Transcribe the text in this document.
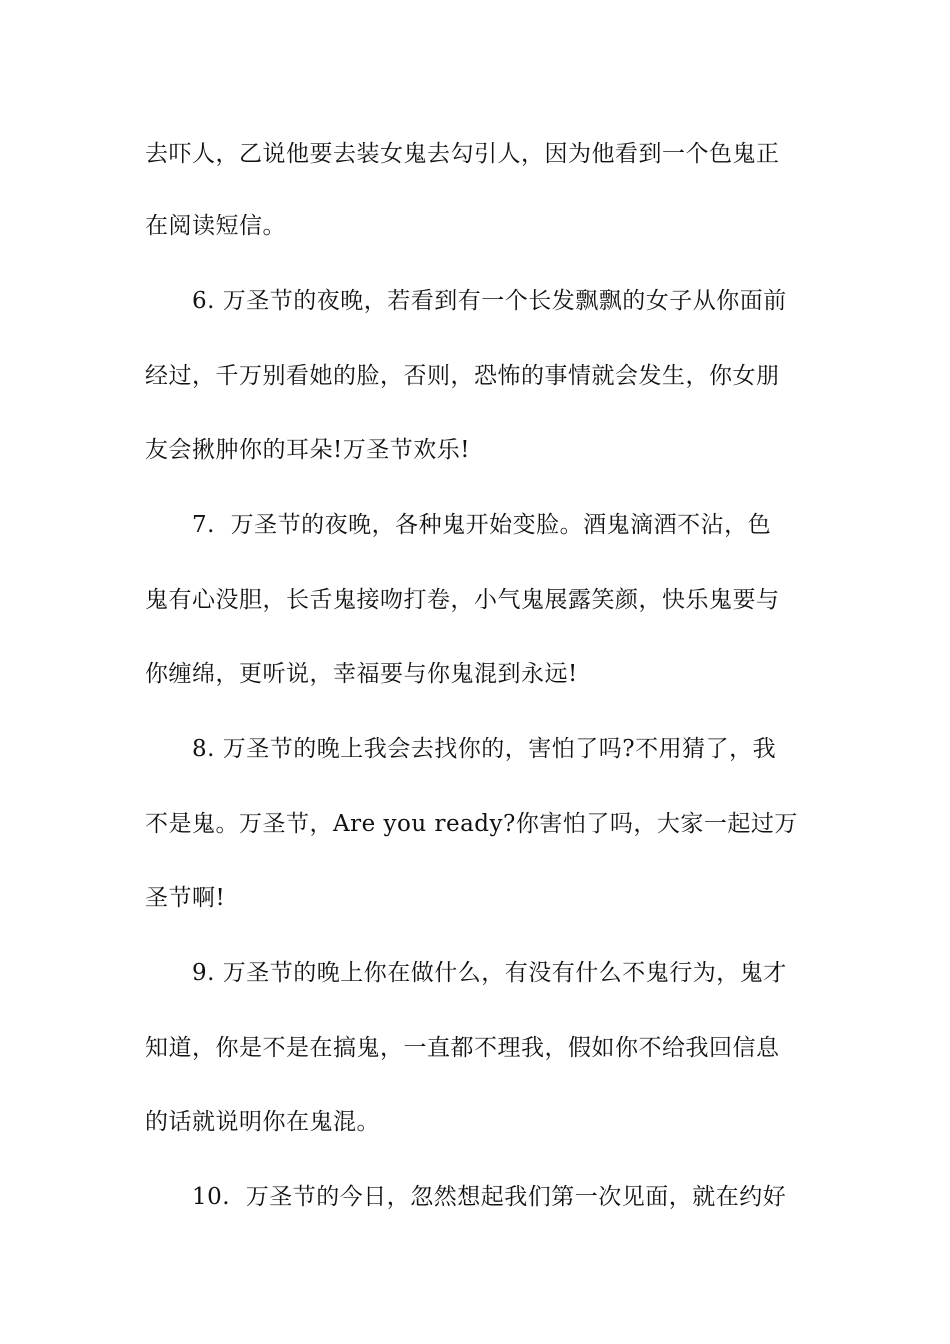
去吓人，乙说他要去装女鬼去勾引人，因为他看到一个色鬼正
在阅读短信。
6. 万圣节的夜晚，若看到有一个长发飘飘的女子从你面前
经过，千万别看她的脸，否则，恐怖的事情就会发生，你女朋
友会揪肿你的耳朵!万圣节欢乐!
7.  万圣节的夜晚，各种鬼开始变脸。酒鬼滴酒不沾，色
鬼有心没胆，长舌鬼接吻打卷，小气鬼展露笑颜，快乐鬼要与
你缠绵，更听说，幸福要与你鬼混到永远!
8. 万圣节的晚上我会去找你的，害怕了吗?不用猜了，我
不是鬼。万圣节，Are you ready?你害怕了吗，大家一起过万
圣节啊!
9. 万圣节的晚上你在做什么，有没有什么不鬼行为，鬼才
知道，你是不是在搞鬼，一直都不理我，假如你不给我回信息
的话就说明你在鬼混。
10.  万圣节的今日，忽然想起我们第一次见面，就在约好
